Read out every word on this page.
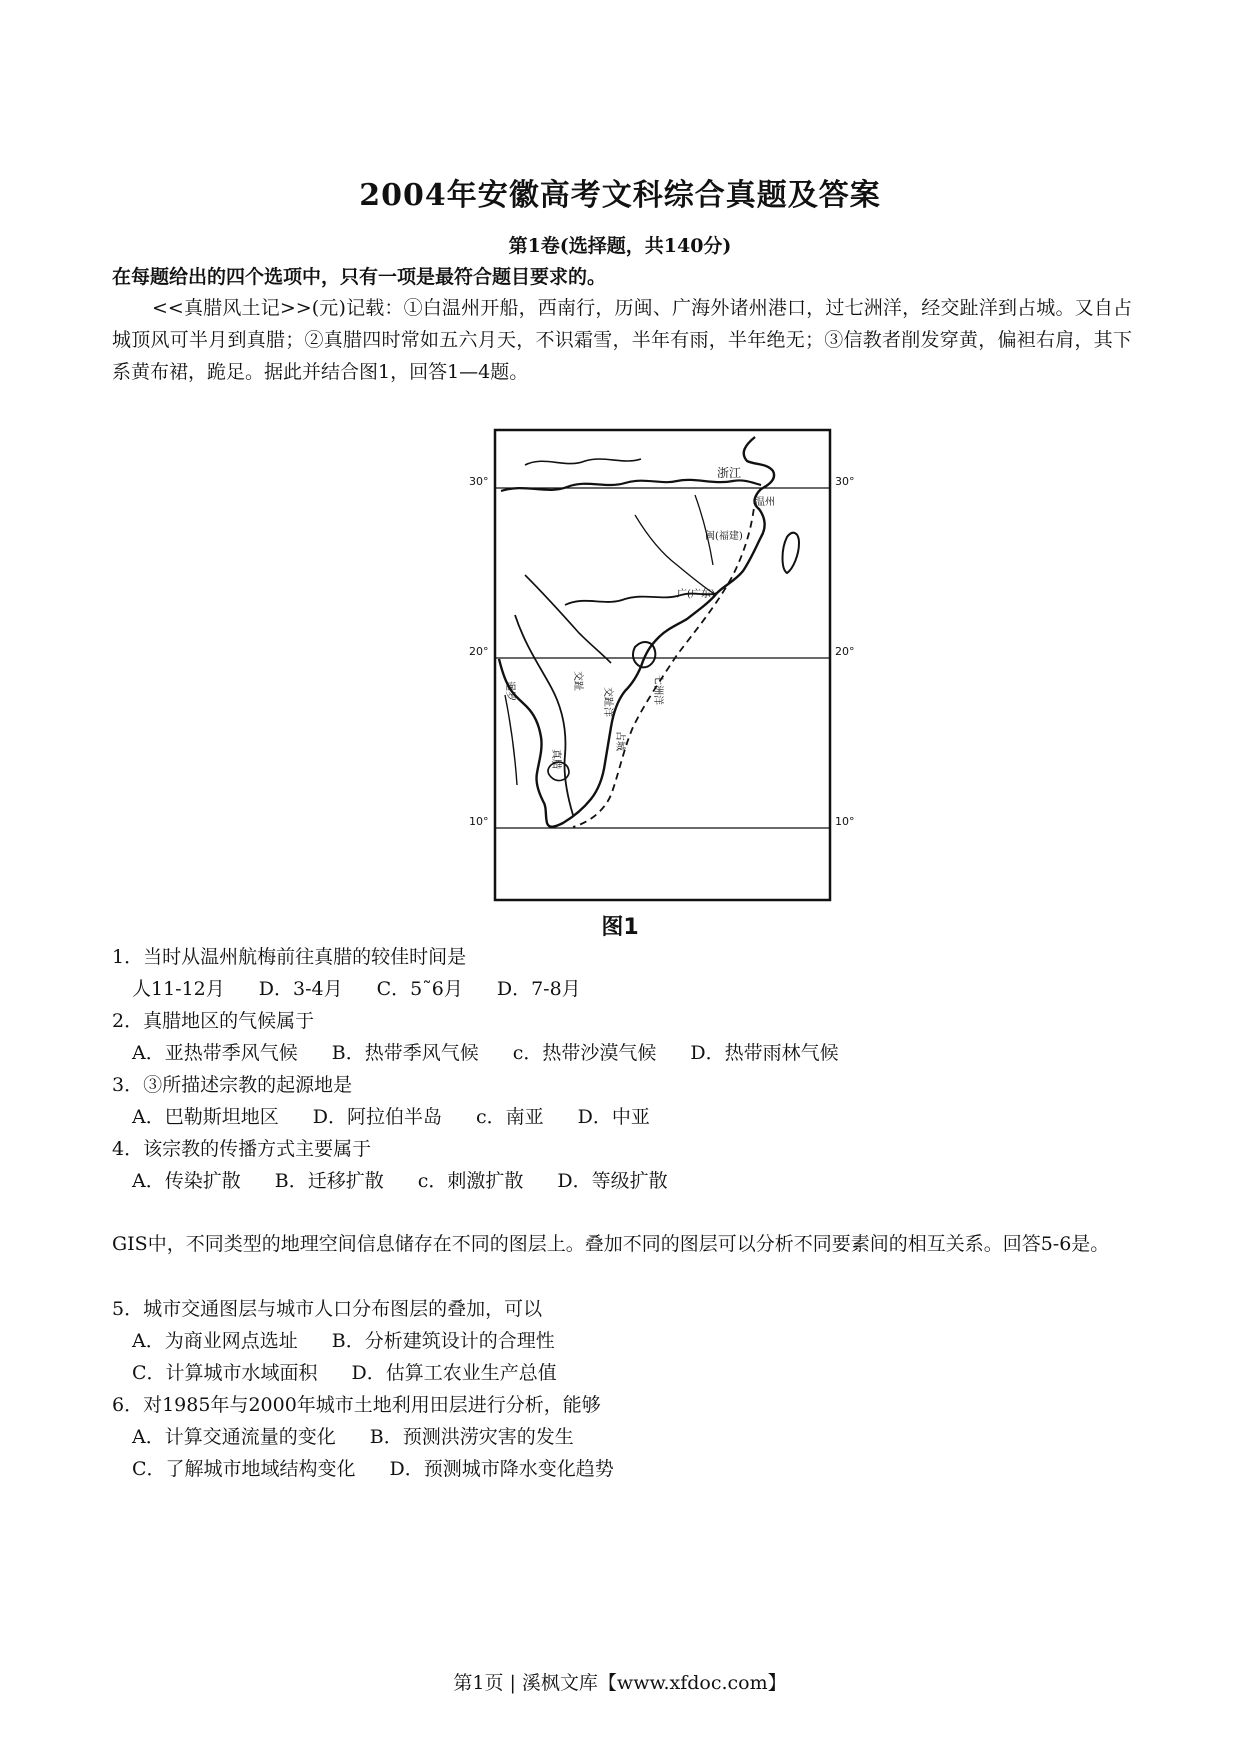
2004年安徽高考文科综合真题及答案
第1卷(选择题，共140分)
在每题给出的四个选项中，只有一项是最符合题目要求的。
<<真腊风土记>>(元)记载：①白温州开船，西南行，历闽、广海外诸州港口，过七洲洋，经交趾洋到占城。又自占城顶风可半月到真腊；②真腊四时常如五六月天，不识霜雪，半年有雨，半年绝无；③信教者削发穿黄，偏袒右肩，其下系黄布裙，跪足。据此并结合图1，回答1—4题。
30°	30°
20°	20°
10°	10°
浙江
温州
闽(福建)
广(广东)
交趾
交趾洋	七洲洋
占城
暹罗
真腊
图1
1．当时从温州航梅前往真腊的较佳时间是
人11-12月 D．3-4月 C．5˜6月 D．7-8月
2．真腊地区的气候属于
A．亚热带季风气候 B．热带季风气候 c．热带沙漠气候 D．热带雨林气候
3．③所描述宗教的起源地是
A．巴勒斯坦地区 D．阿拉伯半岛 c．南亚 D．中亚
4．该宗教的传播方式主要属于
A．传染扩散 B．迁移扩散 c．刺激扩散 D．等级扩散
GIS中，不同类型的地理空间信息储存在不同的图层上。叠加不同的图层可以分析不同要素间的相互关系。回答5-6是。
5．城市交通图层与城市人口分布图层的叠加，可以
A．为商业网点选址 B．分析建筑设计的合理性
C．计算城市水域面积 D．估算工农业生产总值
6．对1985年与2000年城市土地利用田层进行分析，能够
A．计算交通流量的变化 B．预测洪涝灾害的发生
C．了解城市地域结构变化 D．预测城市降水变化趋势
第1页 | 溪枫文库【www.xfdoc.com】
